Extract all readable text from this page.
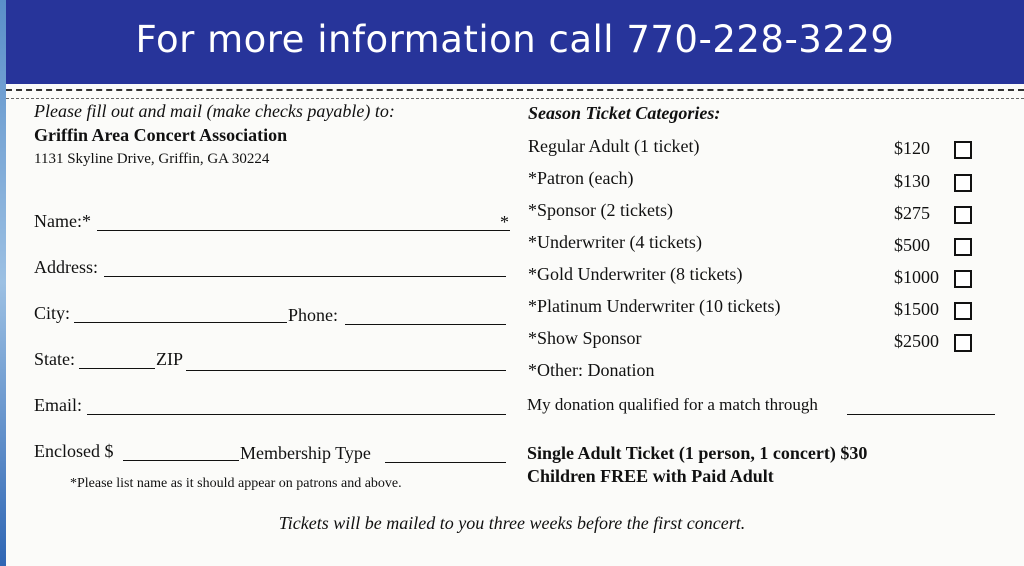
For more information call 770-228-3229
Please fill out and mail (make checks payable) to:
Griffin Area Concert Association
1131 Skyline Drive, Griffin, GA 30224
Name:*	*
Address:
City:	Phone:
State:	ZIP
Email:
Enclosed $	Membership Type
*Please list name as it should appear on patrons and above.
Season Ticket Categories:
Regular Adult (1 ticket)	$120
*Patron (each)	$130
*Sponsor (2 tickets)	$275
*Underwriter (4 tickets)	$500
*Gold Underwriter (8 tickets)	$1000
*Platinum Underwriter (10 tickets)	$1500
*Show Sponsor	$2500
*Other: Donation
My donation qualified for a match through
Single Adult Ticket (1 person, 1 concert) $30
Children FREE with Paid Adult
Tickets will be mailed to you three weeks before the first concert.
